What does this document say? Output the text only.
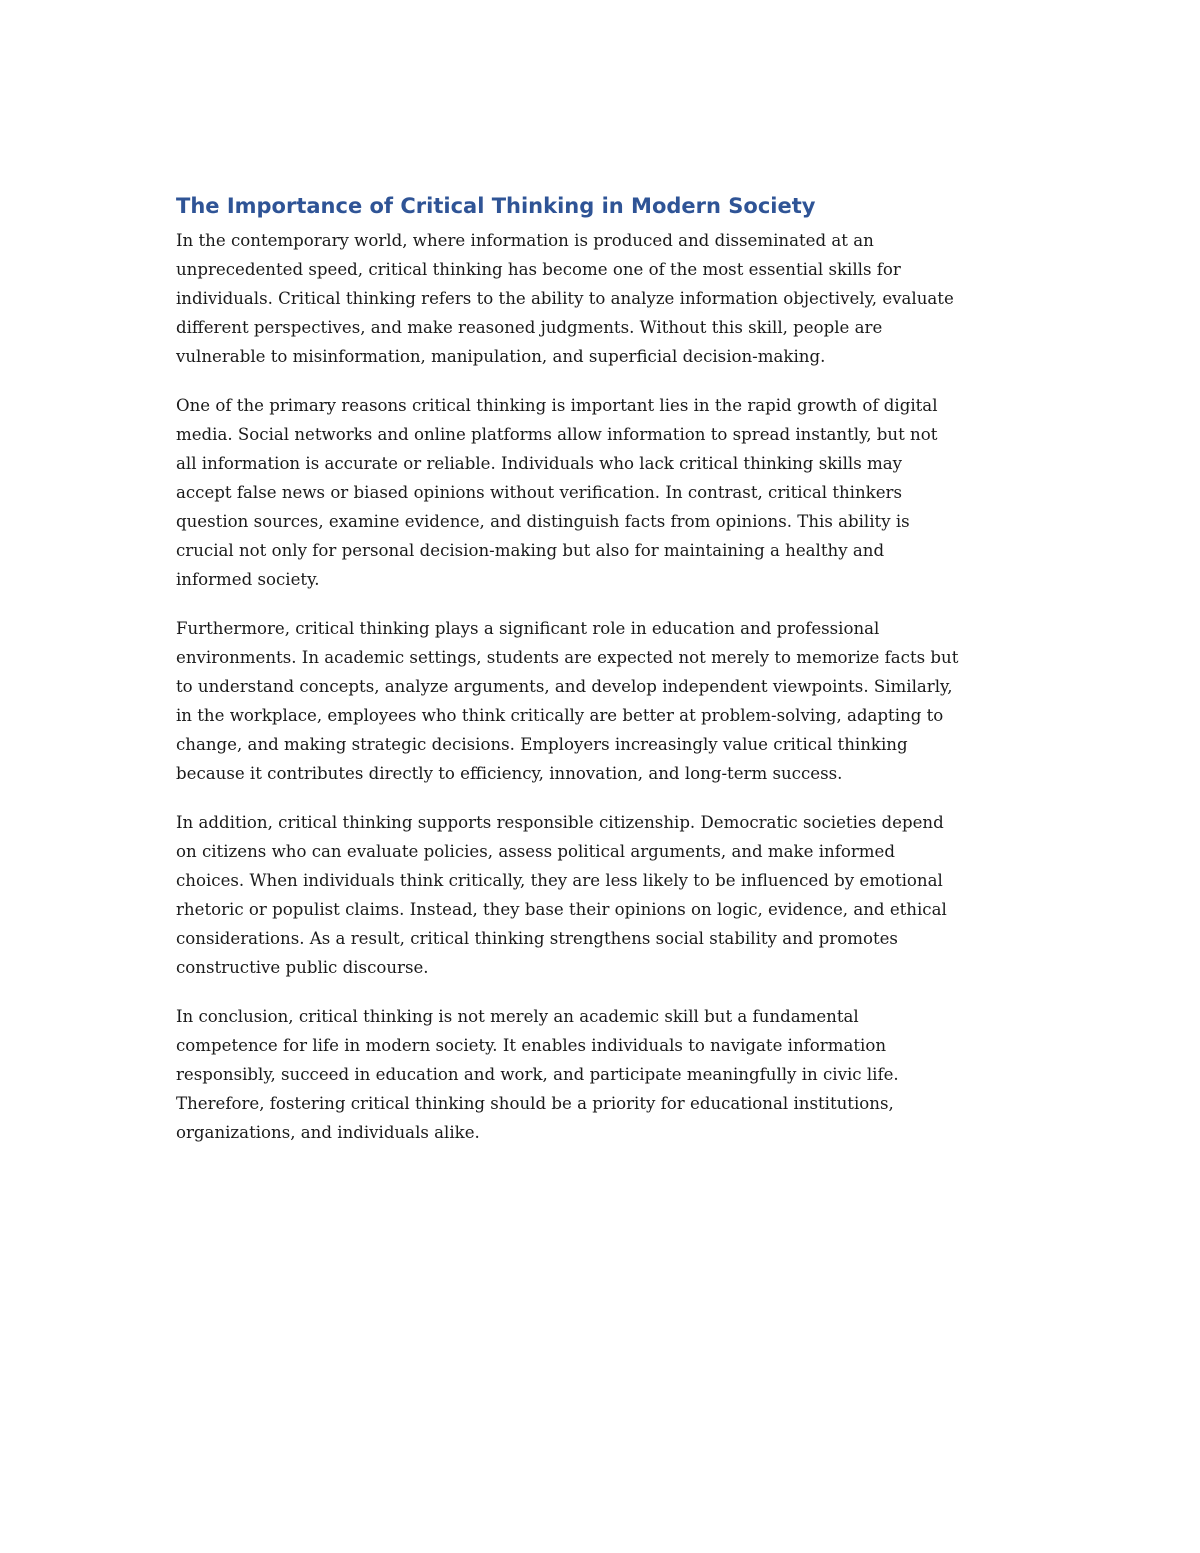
The Importance of Critical Thinking in Modern Society

In the contemporary world, where information is produced and disseminated at an
unprecedented speed, critical thinking has become one of the most essential skills for
individuals. Critical thinking refers to the ability to analyze information objectively, evaluate
different perspectives, and make reasoned judgments. Without this skill, people are
vulnerable to misinformation, manipulation, and superficial decision-making.

One of the primary reasons critical thinking is important lies in the rapid growth of digital
media. Social networks and online platforms allow information to spread instantly, but not
all information is accurate or reliable. Individuals who lack critical thinking skills may
accept false news or biased opinions without verification. In contrast, critical thinkers
question sources, examine evidence, and distinguish facts from opinions. This ability is
crucial not only for personal decision-making but also for maintaining a healthy and
informed society.

Furthermore, critical thinking plays a significant role in education and professional
environments. In academic settings, students are expected not merely to memorize facts but
to understand concepts, analyze arguments, and develop independent viewpoints. Similarly,
in the workplace, employees who think critically are better at problem-solving, adapting to
change, and making strategic decisions. Employers increasingly value critical thinking
because it contributes directly to efficiency, innovation, and long-term success.

In addition, critical thinking supports responsible citizenship. Democratic societies depend
on citizens who can evaluate policies, assess political arguments, and make informed
choices. When individuals think critically, they are less likely to be influenced by emotional
rhetoric or populist claims. Instead, they base their opinions on logic, evidence, and ethical
considerations. As a result, critical thinking strengthens social stability and promotes
constructive public discourse.

In conclusion, critical thinking is not merely an academic skill but a fundamental
competence for life in modern society. It enables individuals to navigate information
responsibly, succeed in education and work, and participate meaningfully in civic life.
Therefore, fostering critical thinking should be a priority for educational institutions,
organizations, and individuals alike.
